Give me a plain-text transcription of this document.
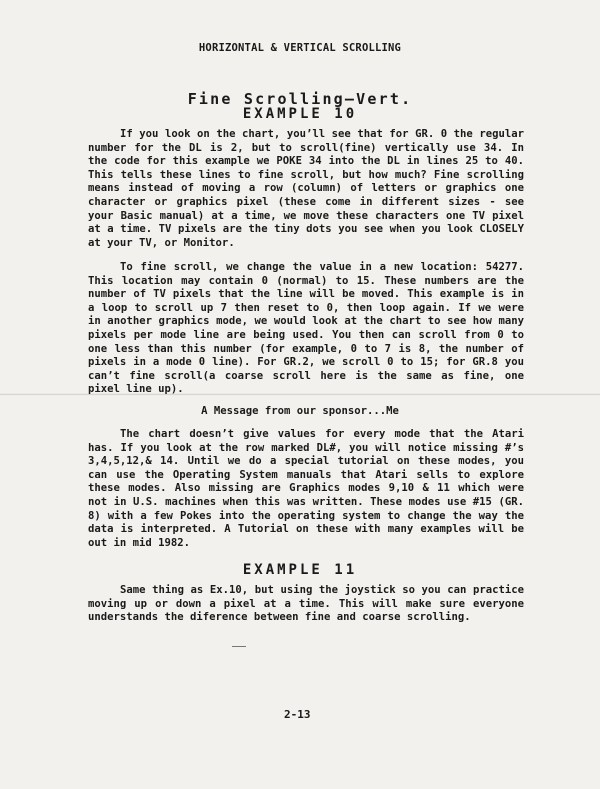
HORIZONTAL & VERTICAL SCROLLING
Fine Scrolling—Vert.
EXAMPLE 10

If you look on the chart, you’ll see that for GR. 0 the regular number for the DL is 2, but to scroll(fine) vertically use 34. In the code for this example we POKE 34 into the DL in lines 25 to 40. This tells these lines to fine scroll, but how much? Fine scrolling means instead of moving a row (column) of letters or graphics one character or graphics pixel (these come in different sizes - see your Basic manual) at a time, we move these characters one TV pixel at a time. TV pixels are the tiny dots you see when you look CLOSELY at your TV, or Monitor.

To fine scroll, we change the value in a new location: 54277. This location may contain 0 (normal) to 15. These numbers are the number of TV pixels that the line will be moved. This example is in a loop to scroll up 7 then reset to 0, then loop again. If we were in another graphics mode, we would look at the chart to see how many pixels per mode line are being used. You then can scroll from 0 to one less than this number (for example, 0 to 7 is 8, the number of pixels in a mode 0 line). For GR.2, we scroll 0 to 15; for GR.8 you can’t fine scroll(a coarse scroll here is the same as fine, one pixel line up).

A Message from our sponsor...Me

The chart doesn’t give values for every mode that the Atari has. If you look at the row marked DL#, you will notice missing #’s 3,4,5,12,& 14. Until we do a special tutorial on these modes, you can use the Operating System manuals that Atari sells to explore these modes. Also missing are Graphics modes 9,10 & 11 which were not in U.S. machines when this was written. These modes use #15 (GR. 8) with a few Pokes into the operating system to change the way the data is interpreted. A Tutorial on these with many examples will be out in mid 1982.

EXAMPLE 11

Same thing as Ex.10, but using the joystick so you can practice moving up or down a pixel at a time. This will make sure everyone understands the diference between fine and coarse scrolling.

2-13
